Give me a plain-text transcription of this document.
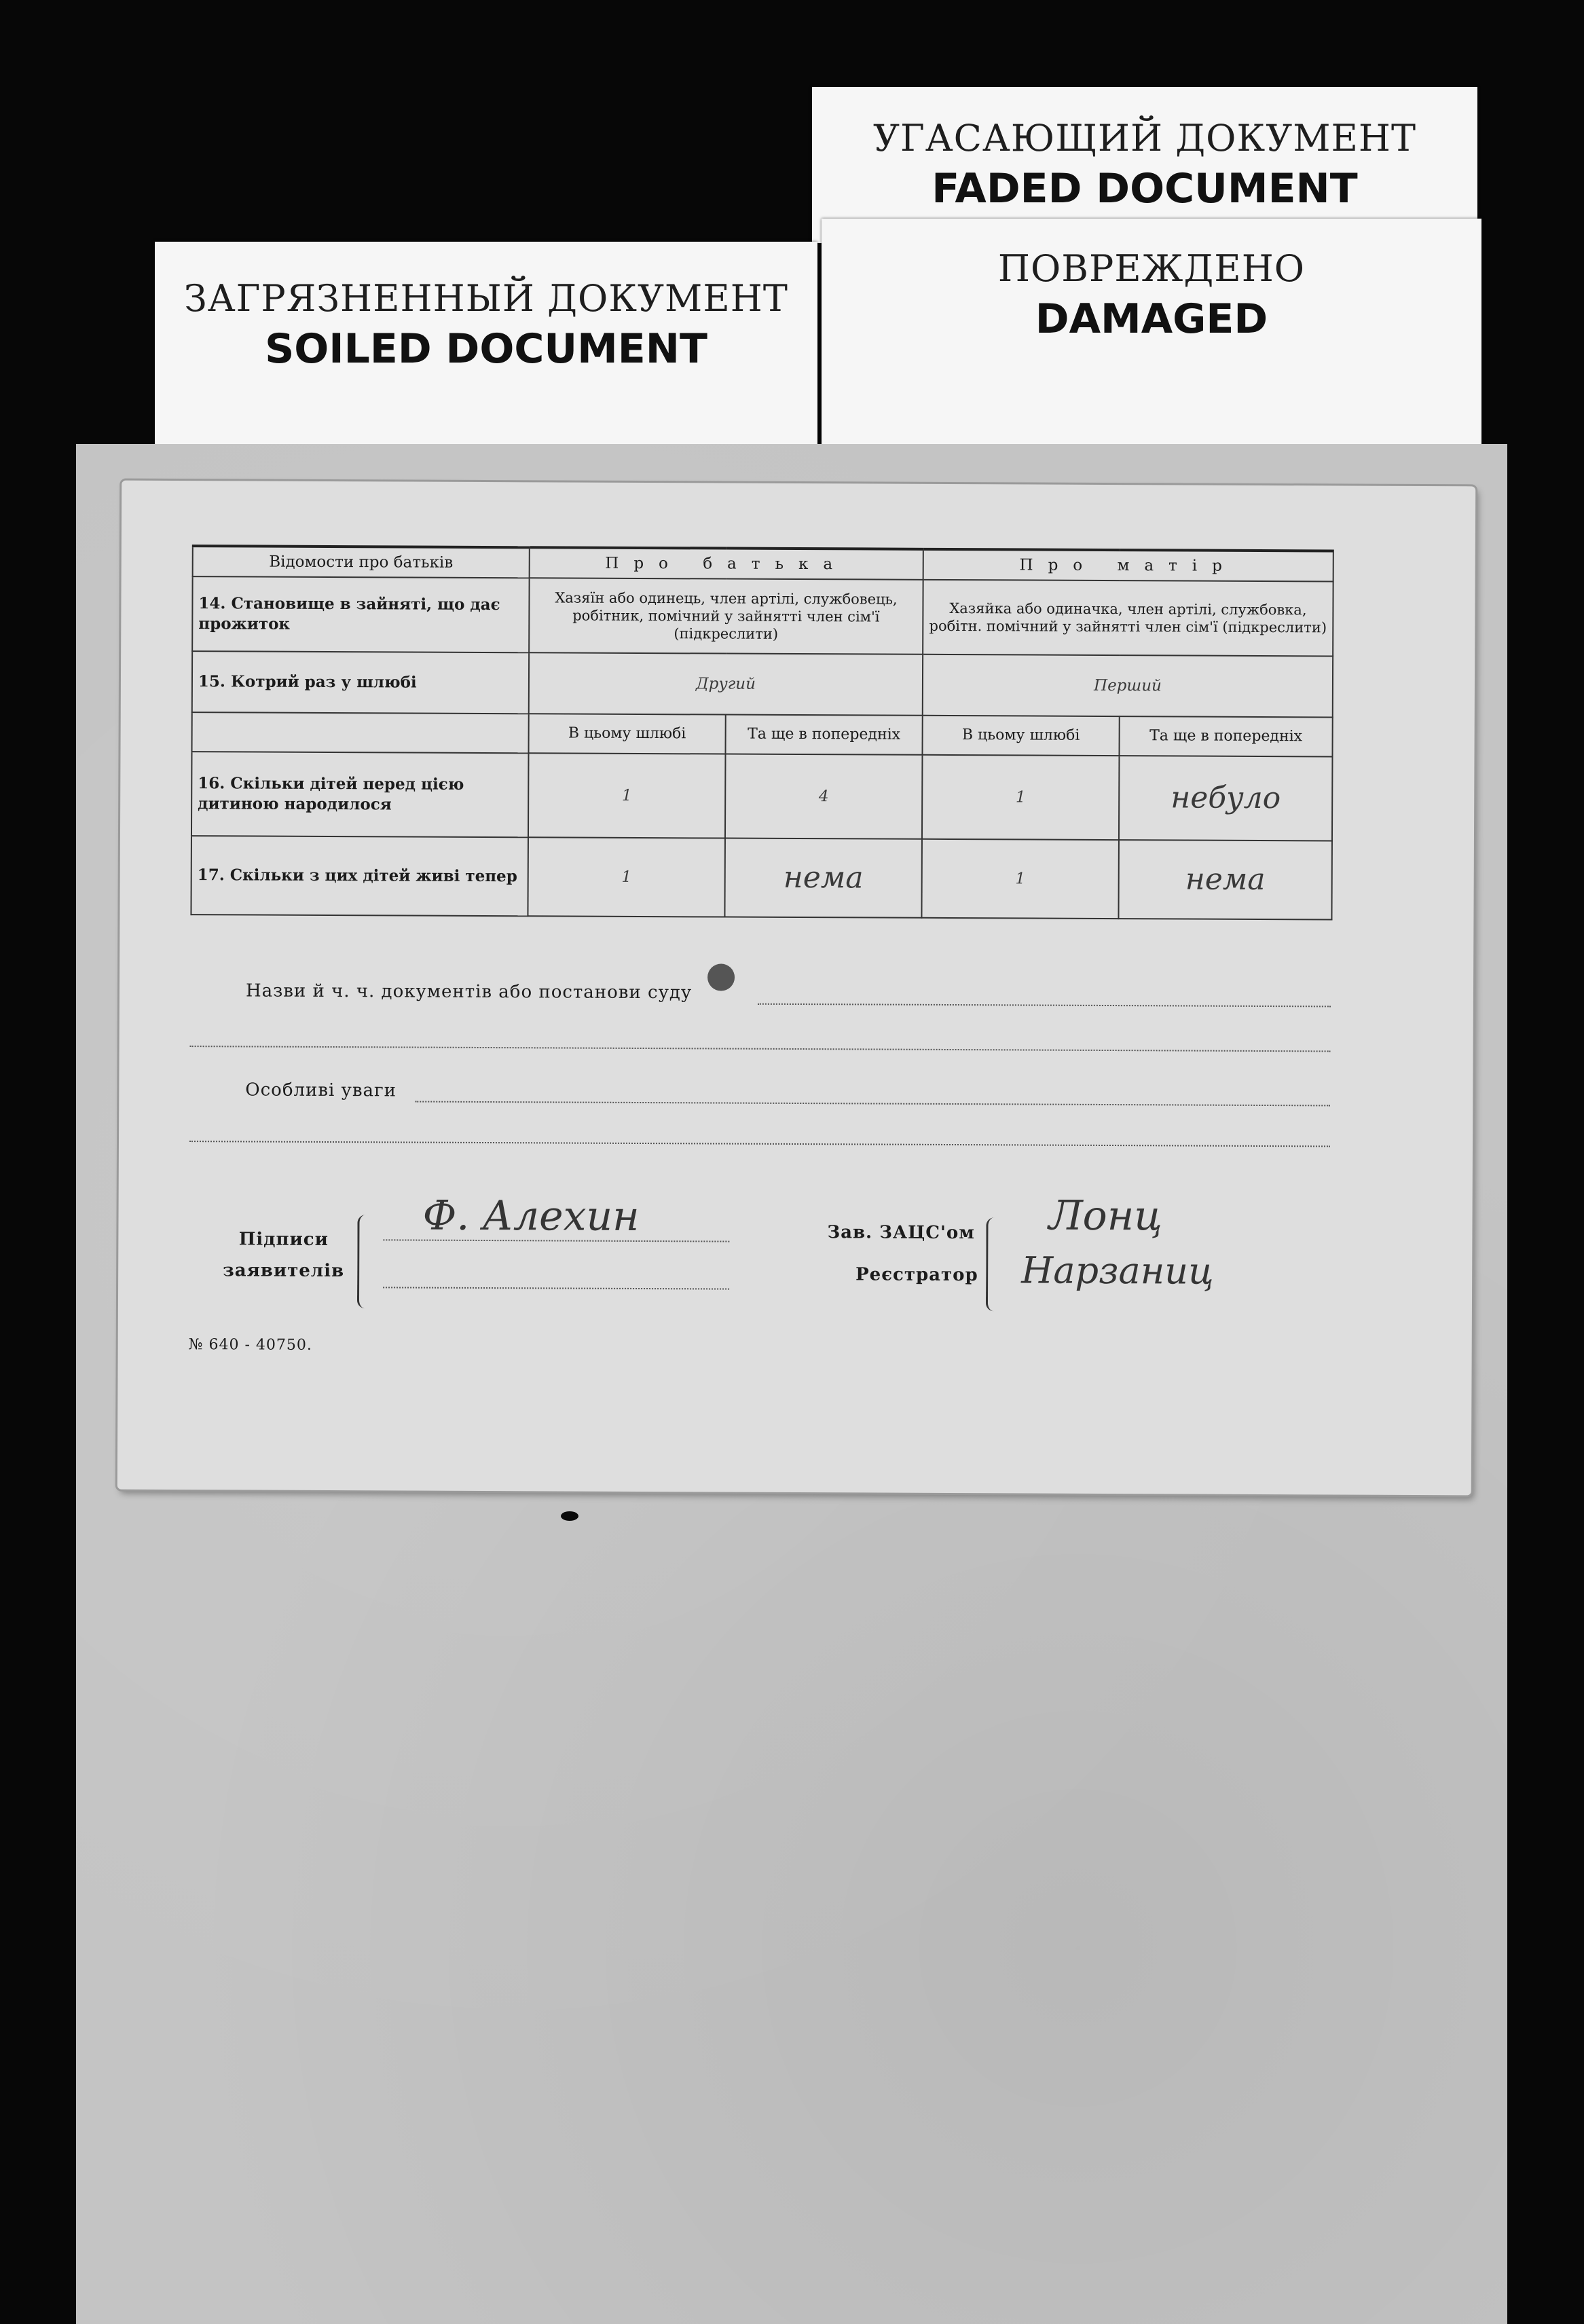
УГАСАЮЩИЙ ДОКУМЕНТ
FADED DOCUMENT
ЗАГРЯЗНЕННЫЙ ДОКУМЕНТ
SOILED DOCUMENT
ПОВРЕЖДЕНО
DAMAGED
Відомости про батьків	Про батька		Про матір	
14. Становище в зайняті, що дає прожиток	Хазяїн або одинець, член артілі, службовець, робітник, помічний у зайнятті член сім'ї (підкреслити)		Хазяйка або одиначка, член артілі, службовка, робітн. помічний у зайнятті член сім'ї (підкреслити)	
15. Котрий раз у шлюбі	Другий		Перший	
	В цьому шлюбі	Та ще в попередніх	В цьому шлюбі	Та ще в попередніх
16. Скільки дітей перед цією дитиною народилося	1	4	1	небуло
17. Скільки з цих дітей живі тепер	1	нема	1	нема
Назви й ч. ч. документів або постанови суду
Особливі уваги
Підписи
заявителів
Ф. Алехин	Зав. ЗАЦС'ом
Реєстратор
Лонц
Нарзаниц
№ 640 - 40750.
